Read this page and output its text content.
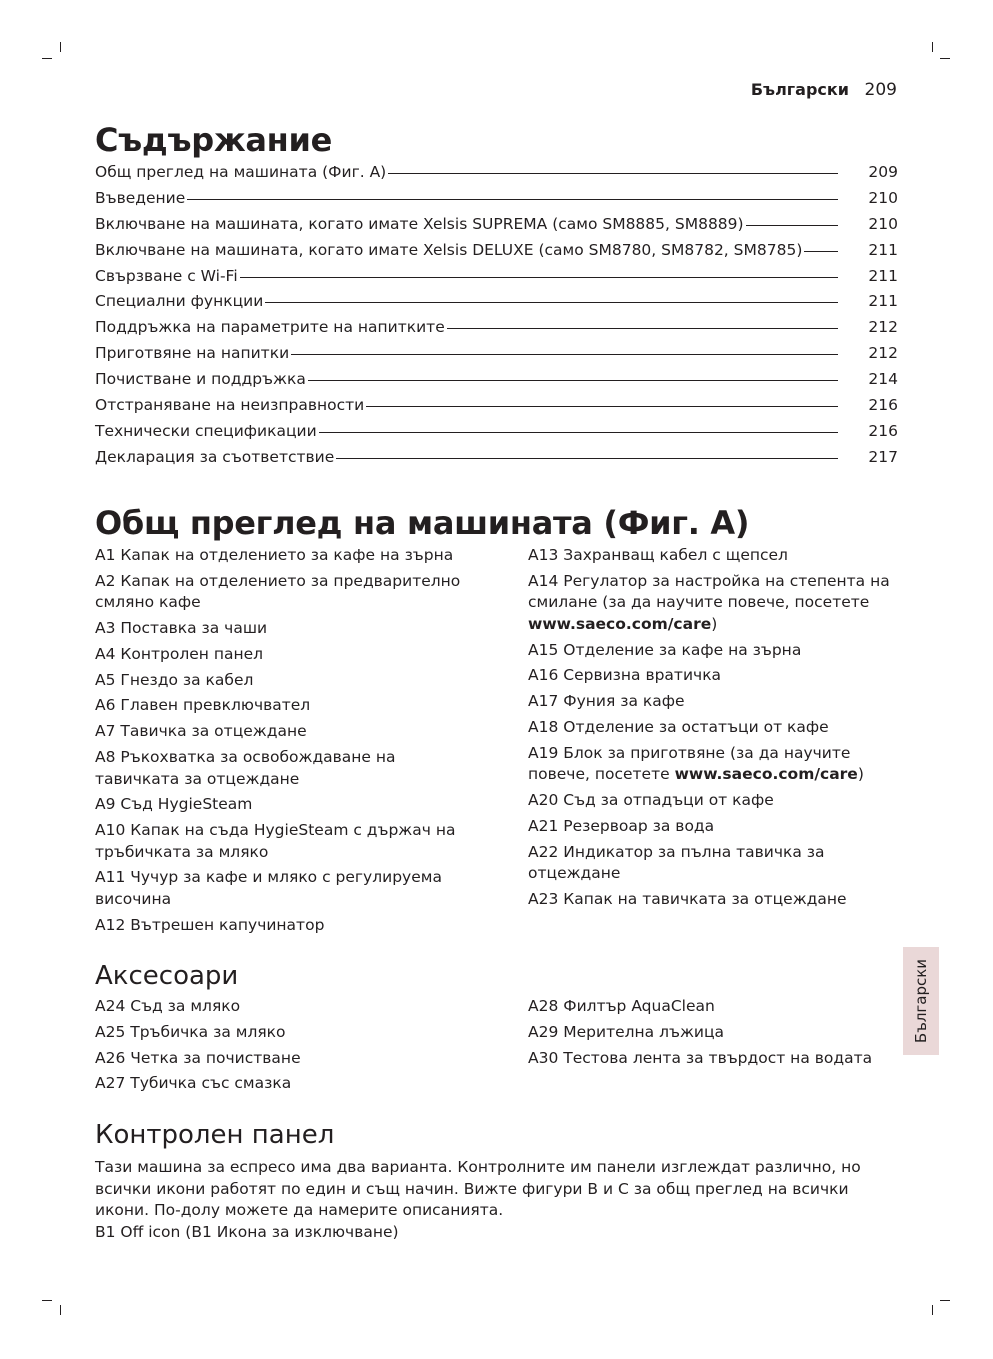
Български 209
Съдържание
Общ преглед на машината (Фиг. A)	209
Въведение	210
Включване на машината, когато имате Xelsis SUPREMA (само SM8885, SM8889)	210
Включване на машината, когато имате Xelsis DELUXE (само SM8780, SM8782, SM8785)	211
Свързване с Wi-Fi	211
Специални функции	211
Поддръжка на параметрите на напитките	212
Приготвяне на напитки	212
Почистване и поддръжка	214
Отстраняване на неизправности	216
Технически спецификации	216
Декларация за съответствие	217
Общ преглед на машината (Фиг. A)
A1 Капак на отделението за кафе на зърна
A2 Капак на отделението за предварително смляно кафе
A3 Поставка за чаши
A4 Контролен панел
A5 Гнездо за кабел
A6 Главен превключвател
A7 Тавичка за отцеждане
A8 Ръкохватка за освобождаване на тавичката за отцеждане
A9 Съд HygieSteam
A10 Капак на съда HygieSteam с държач на тръбичката за мляко
A11 Чучур за кафе и мляко с регулируема височина
A12 Вътрешен капучинатор
A13 Захранващ кабел с щепсел
A14 Регулатор за настройка на степента на смилане (за да научите повече, посетете www.saeco.com/care)
A15 Отделение за кафе на зърна
A16 Сервизна вратичка
A17 Фуния за кафе
A18 Отделение за остатъци от кафе
A19 Блок за приготвяне (за да научите повече, посетете www.saeco.com/care)
A20 Съд за отпадъци от кафе
A21 Резервоар за вода
A22 Индикатор за пълна тавичка за отцеждане
A23 Капак на тавичката за отцеждане
Аксесоари
A24 Съд за мляко
A25 Тръбичка за мляко
A26 Четка за почистване
A27 Тубичка със смазка
A28 Филтър AquaClean
A29 Мерителна лъжица
A30 Тестова лента за твърдост на водата
Контролен панел

Тази машина за еспресо има два варианта. Контролните им панели изглеждат различно, но всички икони работят по един и същ начин. Вижте фигури B и C за общ преглед на всички икони. По-долу можете да намерите описанията.

B1 Off icon (B1 Икона за изключване)

Български
